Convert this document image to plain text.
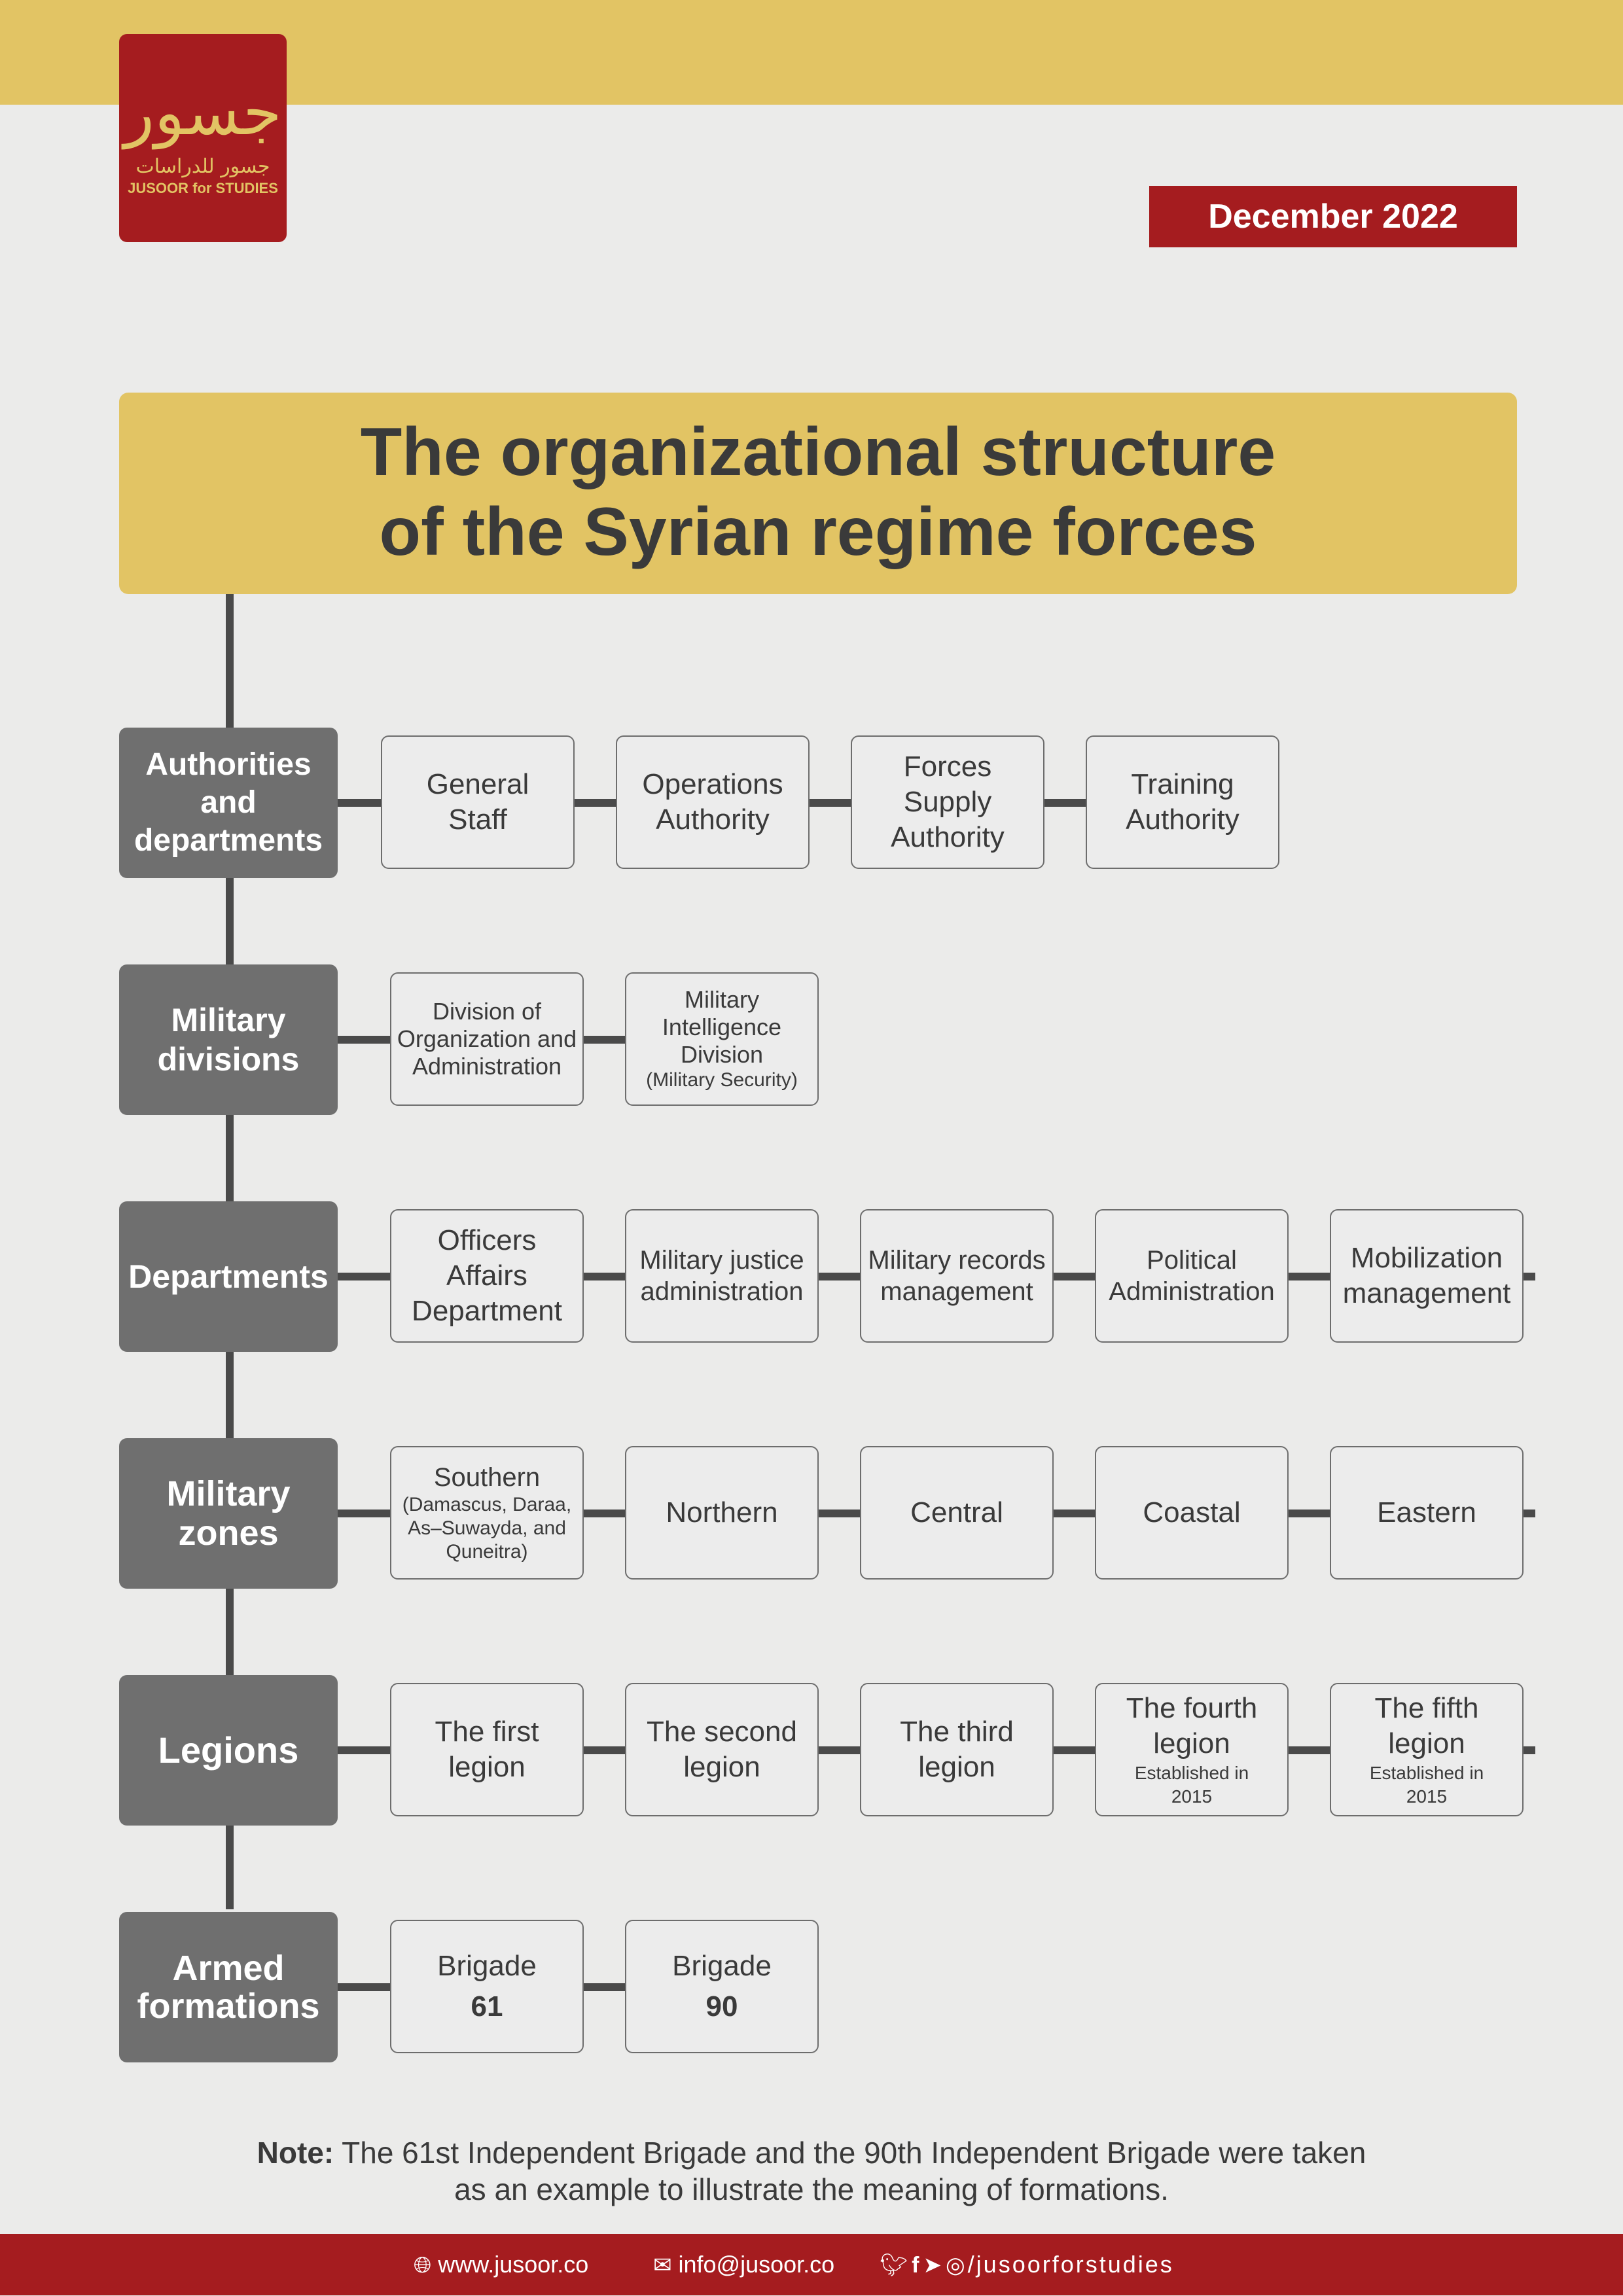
جسور
جسور للدراسات
JUSOOR for STUDIES
December 2022
The organizational structure
of the Syrian regime forces
Authorities
and
departments
General
Staff
Operations
Authority
Forces
Supply
Authority
Training
Authority
Military
divisions
Division of
Organization and
Administration
Military
Intelligence
Division
(Military Security)
Departments
Officers
Affairs
Department
Military justice
administration
Military records
management
Political
Administration
Mobilization
management
Military
zones
Southern
(Damascus, Daraa,
As–Suwayda, and
Quneitra)
Northern	Central	Coastal	Eastern
Legions	The first
legion
The second
legion
The third
legion
The fourth
legion
Established in
2015
The fifth
legion
Established in
2015
Armed
formations
Brigade
61
Brigade
90
Note: The 61st Independent Brigade and the 90th Independent Brigade were taken
as an example to illustrate the meaning of formations.
🌐︎ www.jusoor.co	✉ info@jusoor.co 🐦︎ f ➤ ◎ /jusoorforstudies
